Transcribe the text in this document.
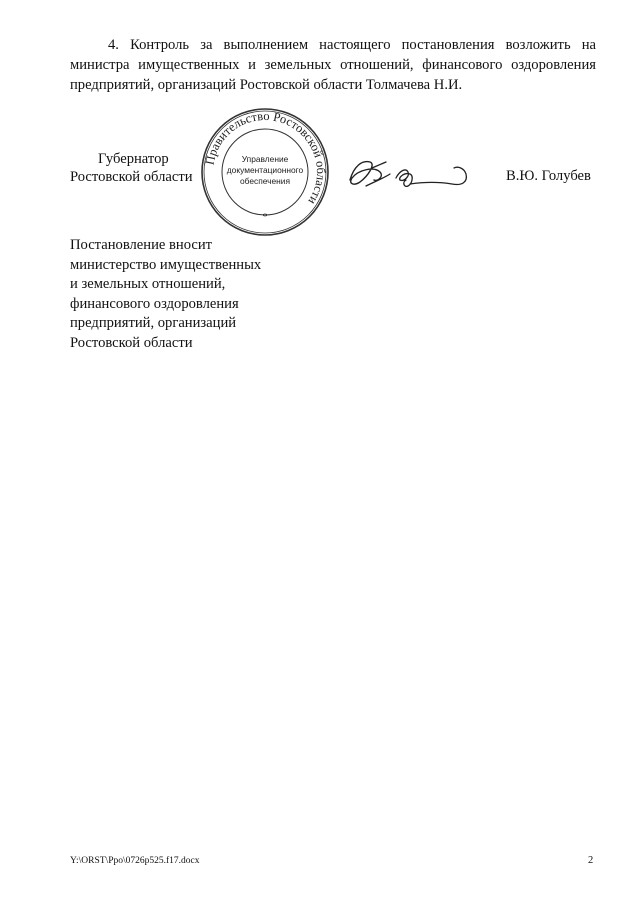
4. Контроль за выполнением настоящего постановления возложить на министра имущественных и земельных отношений, финансового оздоровления предприятий, организаций Ростовской области Толмачева Н.И.
Губернатор
Ростовской области
Правительство Ростовской области
Управление
документационного
обеспечения
*
В.Ю. Голубев
Постановление вносит
министерство имущественных
и земельных отношений,
финансового оздоровления
предприятий, организаций
Ростовской области
Y:\ORST\Ppo\0726p525.f17.docx	2
